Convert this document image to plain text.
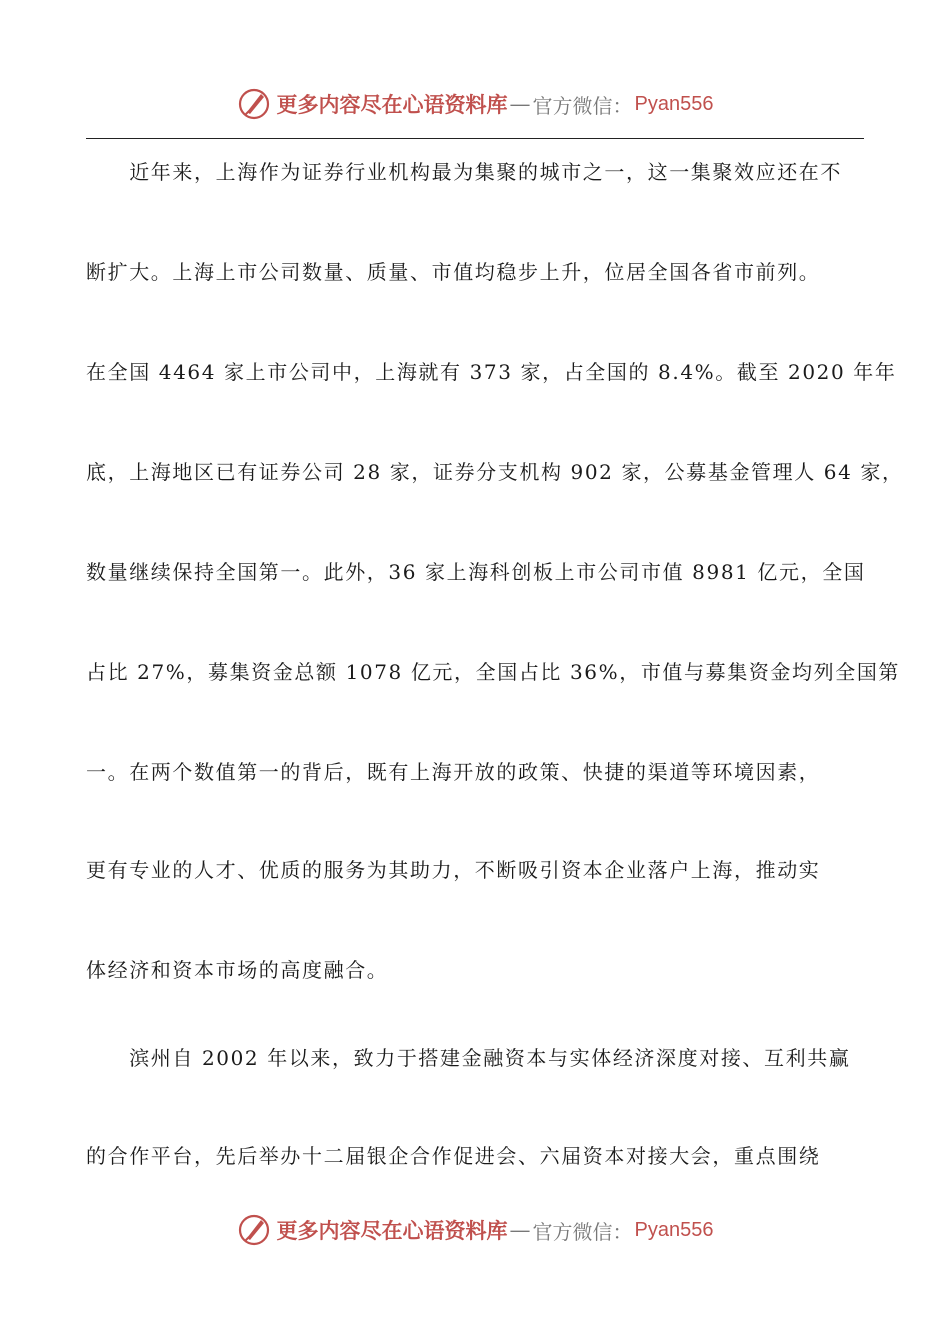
更多内容尽在心语资料库 — 官方微信： Pyan556
　　近年来，上海作为证券行业机构最为集聚的城市之一，这一集聚效应还在不
断扩大。上海上市公司数量、质量、市值均稳步上升，位居全国各省市前列。
在全国 4464 家上市公司中，上海就有 373 家，占全国的 8.4%。截至 2020 年年
底，上海地区已有证券公司 28 家，证券分支机构 902 家，公募基金管理人 64 家，
数量继续保持全国第一。此外，36 家上海科创板上市公司市值 8981 亿元，全国
占比 27%，募集资金总额 1078 亿元，全国占比 36%，市值与募集资金均列全国第
一。在两个数值第一的背后，既有上海开放的政策、快捷的渠道等环境因素，
更有专业的人才、优质的服务为其助力，不断吸引资本企业落户上海，推动实
体经济和资本市场的高度融合。
　　滨州自 2002 年以来，致力于搭建金融资本与实体经济深度对接、互利共赢
的合作平台，先后举办十二届银企合作促进会、六届资本对接大会，重点围绕
更多内容尽在心语资料库 — 官方微信： Pyan556
